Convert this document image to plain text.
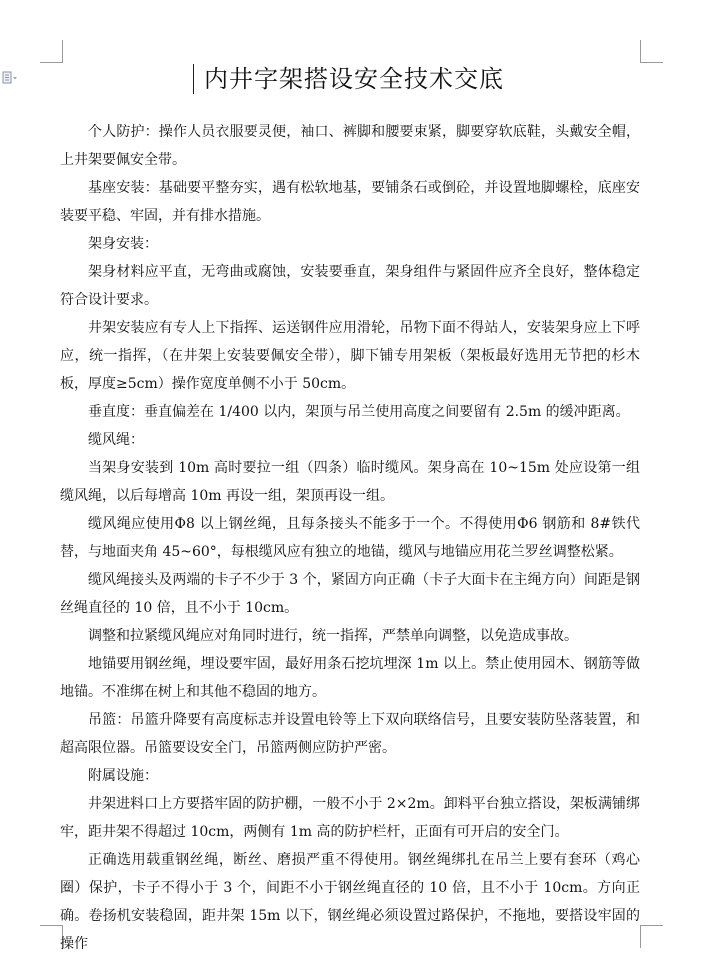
内井字架搭设安全技术交底

个人防护：操作人员衣服要灵便，袖口、裤脚和腰要束紧，脚要穿软底鞋，头戴安全帽，上井架要佩安全带。

基座安装：基础要平整夯实，遇有松软地基，要铺条石或倒砼，并设置地脚螺栓，底座安装要平稳、牢固，并有排水措施。

架身安装：

架身材料应平直，无弯曲或腐蚀，安装要垂直，架身组件与紧固件应齐全良好，整体稳定符合设计要求。

井架安装应有专人上下指挥、运送钢件应用滑轮，吊物下面不得站人，安装架身应上下呼应，统一指挥，（在井架上安装要佩安全带），脚下铺专用架板（架板最好选用无节把的杉木板，厚度≥5cm）操作宽度单侧不小于 50cm。

垂直度：垂直偏差在 1/400 以内，架顶与吊兰使用高度之间要留有 2.5m 的缓冲距离。

缆风绳：

当架身安装到 10m 高时要拉一组（四条）临时缆风。架身高在 10~15m 处应设第一组缆风绳，以后每增高 10m 再设一组，架顶再设一组。

缆风绳应使用Φ8 以上钢丝绳，且每条接头不能多于一个。不得使用Φ6 钢筋和 8#铁代替，与地面夹角 45~60°，每根缆风应有独立的地锚，缆风与地锚应用花兰罗丝调整松紧。

缆风绳接头及两端的卡子不少于 3 个，紧固方向正确（卡子大面卡在主绳方向）间距是钢丝绳直径的 10 倍，且不小于 10cm。

调整和拉紧缆风绳应对角同时进行，统一指挥，严禁单向调整，以免造成事故。

地锚要用钢丝绳，埋设要牢固，最好用条石挖坑埋深 1m 以上。禁止使用园木、钢筋等做地锚。不准绑在树上和其他不稳固的地方。

吊篮：吊篮升降要有高度标志并设置电铃等上下双向联络信号，且要安装防坠落装置，和超高限位器。吊篮要设安全门，吊篮两侧应防护严密。

附属设施：

井架进料口上方要搭牢固的防护棚，一般不小于 2×2m。卸料平台独立搭设，架板满铺绑牢，距井架不得超过 10cm，两侧有 1m 高的防护栏杆，正面有可开启的安全门。

正确选用载重钢丝绳，断丝、磨损严重不得使用。钢丝绳绑扎在吊兰上要有套环（鸡心圈）保护，卡子不得小于 3 个，间距不小于钢丝绳直径的 10 倍，且不小于 10cm。方向正确。卷扬机安装稳固，距井架 15m 以下，钢丝绳必须设置过路保护，不拖地，要搭设牢固的操作
